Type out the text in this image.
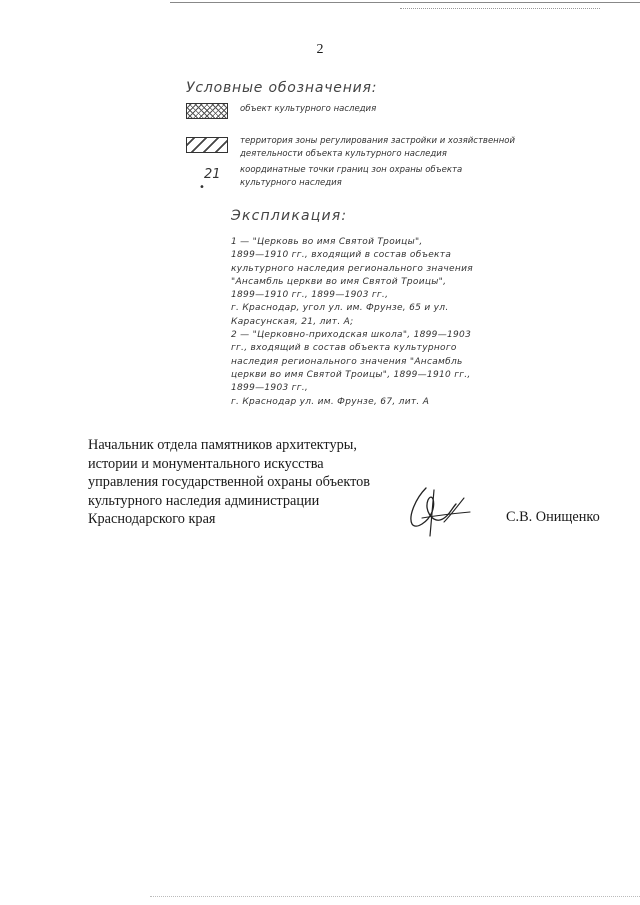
2
Условные обозначения:
объект культурного наследия
территория зоны регулирования застройки и хозяйственной
деятельности объекта культурного наследия
•
21 координатные точки границ зон охраны объекта
культурного наследия
Экспликация:
1 — "Церковь во имя Святой Троицы",
1899—1910 гг., входящий в состав объекта
культурного наследия регионального значения
"Ансамбль церкви во имя Святой Троицы",
1899—1910 гг., 1899—1903 гг.,
г. Краснодар, угол ул. им. Фрунзе, 65 и ул.
Карасунская, 21, лит. А;
2 — "Церковно-приходская школа", 1899—1903
гг., входящий в состав объекта культурного
наследия регионального значения "Ансамбль
церкви во имя Святой Троицы", 1899—1910 гг.,
1899—1903 гг.,
г. Краснодар ул. им. Фрунзе, 67, лит. А
Начальник отдела памятников архитектуры,
истории и монументального искусства
управления государственной охраны объектов
культурного наследия администрации
Краснодарского края	С.В. Онищенко
